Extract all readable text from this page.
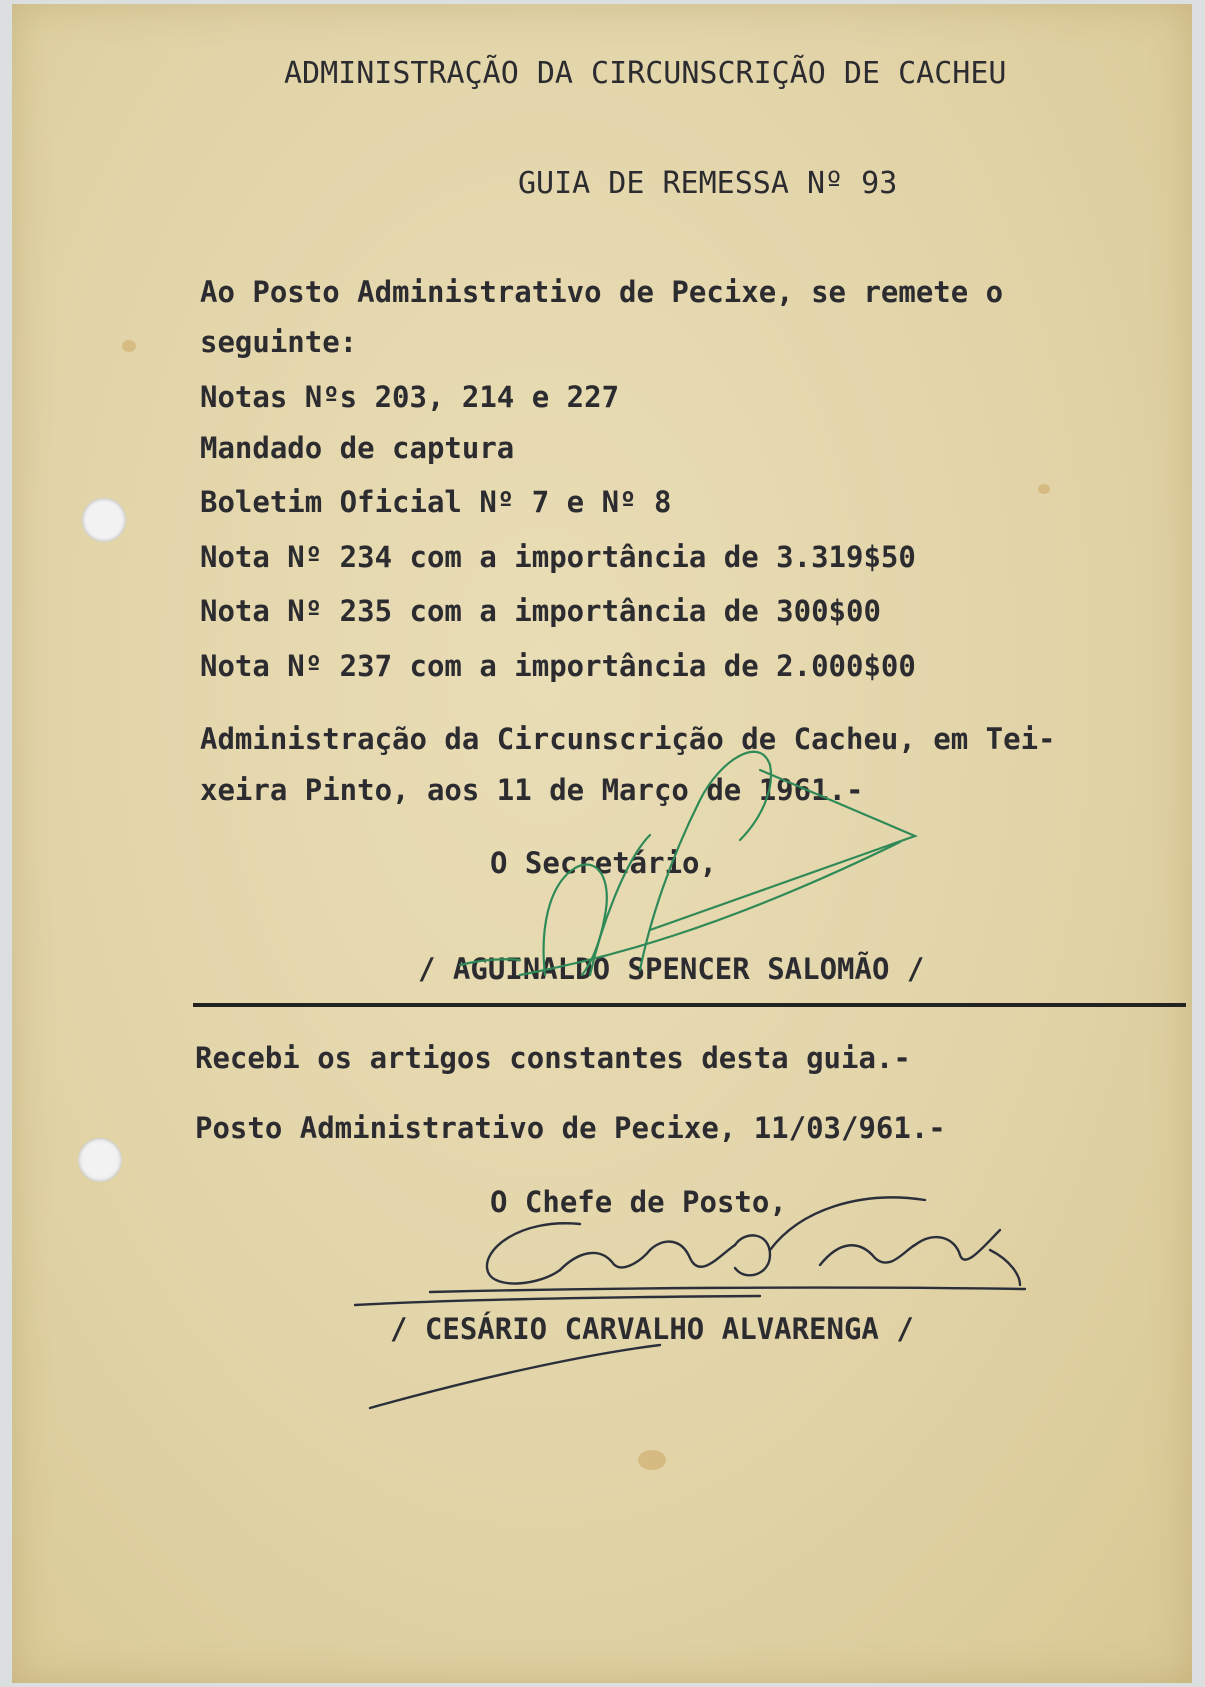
ADMINISTRAÇÃO DA CIRCUNSCRIÇÃO DE CACHEU
GUIA DE REMESSA Nº 93
Ao Posto Administrativo de Pecixe, se remete o
seguinte:
Notas Nºs 203, 214 e 227
Mandado de captura
Boletim Oficial Nº 7 e Nº 8
Nota Nº 234 com a importância de 3.319$50
Nota Nº 235 com a importância de 300$00
Nota Nº 237 com a importância de 2.000$00
Administração da Circunscrição de Cacheu, em Tei-
xeira Pinto, aos 11 de Março de 1961.-
O Secretário,
/ AGUINALDO SPENCER SALOMÃO /
Recebi os artigos constantes desta guia.-
Posto Administrativo de Pecixe, 11/03/961.-
O Chefe de Posto,
/ CESÁRIO CARVALHO ALVARENGA /
